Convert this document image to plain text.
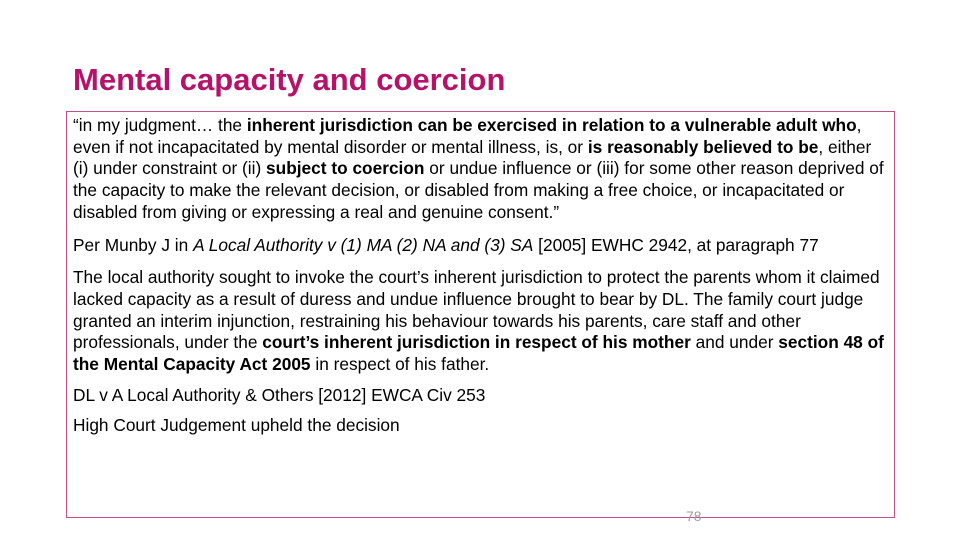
Mental capacity and coercion

“in my judgment… the inherent jurisdiction can be exercised in relation to a vulnerable adult who, even if not incapacitated by mental disorder or mental illness, is, or is reasonably believed to be, either (i) under constraint or (ii) subject to coercion or undue influence or (iii) for some other reason deprived of the capacity to make the relevant decision, or disabled from making a free choice, or incapacitated or disabled from giving or expressing a real and genuine consent.”

Per Munby J in A Local Authority v (1) MA (2) NA and (3) SA [2005] EWHC 2942, at paragraph 77

The local authority sought to invoke the court’s inherent jurisdiction to protect the parents whom it claimed lacked capacity as a result of duress and undue influence brought to bear by DL. The family court judge granted an interim injunction, restraining his behaviour towards his parents, care staff and other professionals, under the court’s inherent jurisdiction in respect of his mother and under section 48 of the Mental Capacity Act 2005 in respect of his father.

DL v A Local Authority & Others [2012] EWCA Civ 253

High Court Judgement upheld the decision

78
